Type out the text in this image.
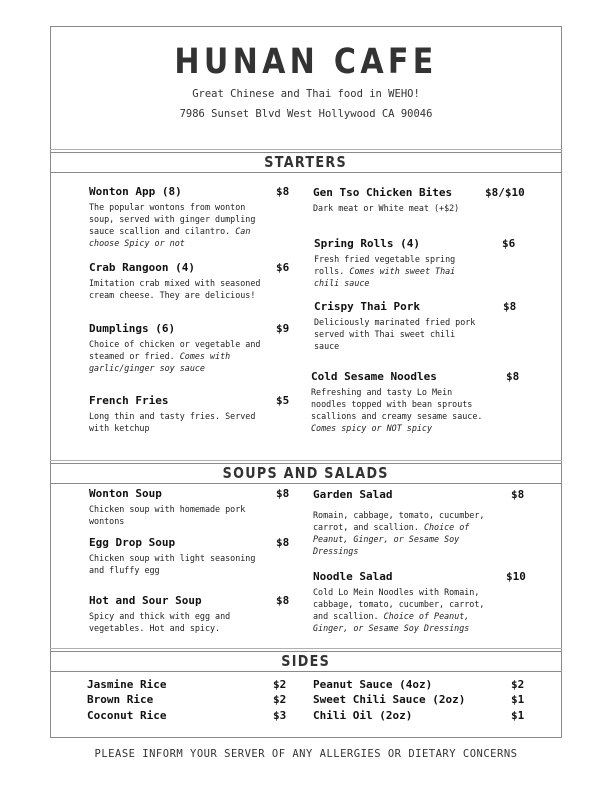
HUNAN CAFE
Great Chinese and Thai food in WEHO!
7986 Sunset Blvd West Hollywood CA 90046
STARTERS
Wonton App (8)
The popular wontons from wonton soup, served with ginger dumpling sauce scallion and cilantro. Can choose Spicy or not
$8
Crab Rangoon (4)
Imitation crab mixed with seasoned cream cheese. They are delicious!
$6
Dumplings (6)
Choice of chicken or vegetable and steamed or fried. Comes with garlic/ginger soy sauce
$9
French Fries
Long thin and tasty fries. Served with ketchup
$5
Gen Tso Chicken Bites
Dark meat or White meat (+$2)
$8/$10
Spring Rolls (4)
Fresh fried vegetable spring rolls. Comes with sweet Thai chili sauce
$6
Crispy Thai Pork
Deliciously marinated fried pork served with Thai sweet chili sauce
$8
Cold Sesame Noodles
Refreshing and tasty Lo Mein noodles topped with bean sprouts scallions and creamy sesame sauce. Comes spicy or NOT spicy
$8
SOUPS AND SALADS
Wonton Soup
Chicken soup with homemade pork wontons
$8
Egg Drop Soup
Chicken soup with light seasoning and fluffy egg
$8
Hot and Sour Soup
Spicy and thick with egg and vegetables. Hot and spicy.
$8
Garden Salad
Romain, cabbage, tomato, cucumber, carrot, and scallion. Choice of Peanut, Ginger, or Sesame Soy Dressings
$8
Noodle Salad
Cold Lo Mein Noodles with Romain, cabbage, tomato, cucumber, carrot, and scallion. Choice of Peanut, Ginger, or Sesame Soy Dressings
$10
SIDES
Jasmine Rice	$2
Brown Rice	$2
Coconut Rice	$3
Peanut Sauce (4oz)	$2
Sweet Chili Sauce (2oz)	$1
Chili Oil (2oz)	$1
PLEASE INFORM YOUR SERVER OF ANY ALLERGIES OR DIETARY CONCERNS
